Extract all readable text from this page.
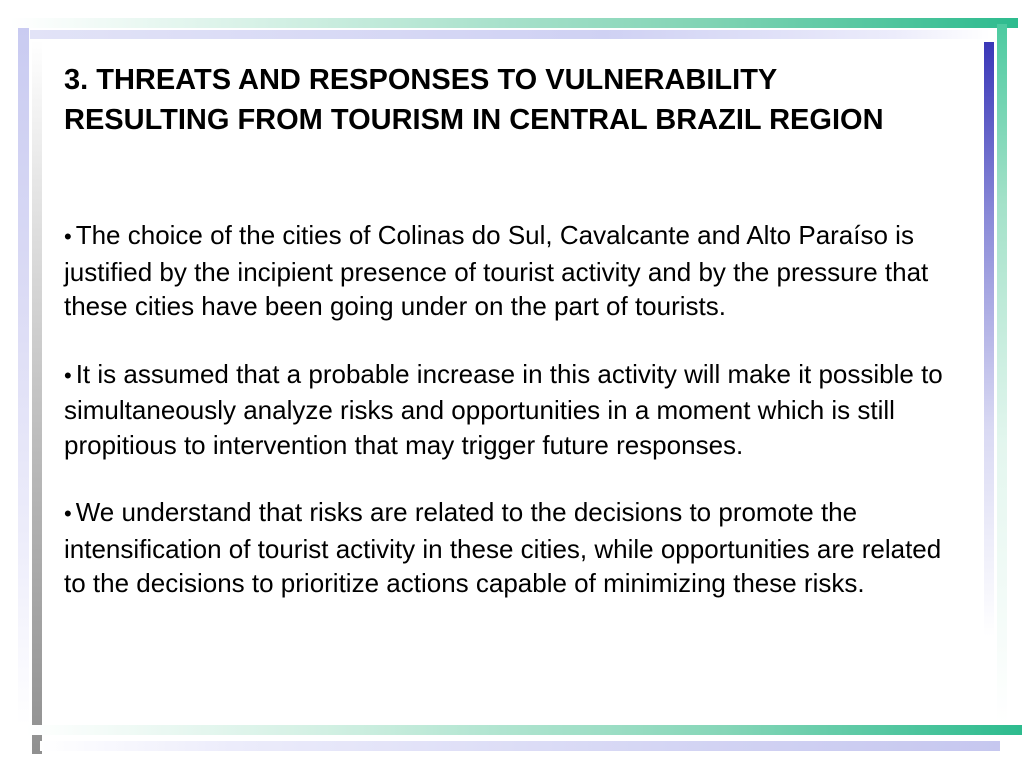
3. THREATS AND RESPONSES TO VULNERABILITY RESULTING FROM TOURISM IN CENTRAL BRAZIL REGION

• The choice of the cities of Colinas do Sul, Cavalcante and Alto Paraíso is justified by the incipient presence of tourist activity and by the pressure that these cities have been going under on the part of tourists.

• It is assumed that a probable increase in this activity will make it possible to simultaneously analyze risks and opportunities in a moment which is still propitious to intervention that may trigger future responses.

• We understand that risks are related to the decisions to promote the intensification of tourist activity in these cities, while opportunities are related to the decisions to prioritize actions capable of minimizing these risks.
